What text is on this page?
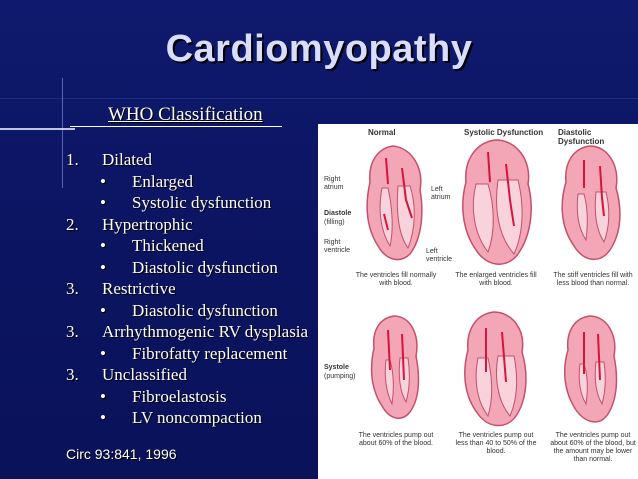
Cardiomyopathy
WHO Classification
1. Dilated
• Enlarged
• Systolic dysfunction
2. Hypertrophic
• Thickened
• Diastolic dysfunction
3. Restrictive
• Diastolic dysfunction
3. Arrhythmogenic RV dysplasia
• Fibrofatty replacement
3. Unclassified
• Fibroelastosis
• LV noncompaction
Circ 93:841, 1996
Normal	Systolic Dysfunction Diastolic Dysfunction
Right atrium	Left atrium
Diastole
(filling)
Right ventricle	Left ventricle
Systole
(pumping)
The ventricles fill normally with blood.
The enlarged ventricles fill with blood.
The stiff ventricles fill with less blood than normal.
The ventricles pump out about 60% of the blood.
The ventricles pump out less than 40 to 50% of the blood.
The ventricles pump out about 60% of the blood, but the amount may be lower than normal.
